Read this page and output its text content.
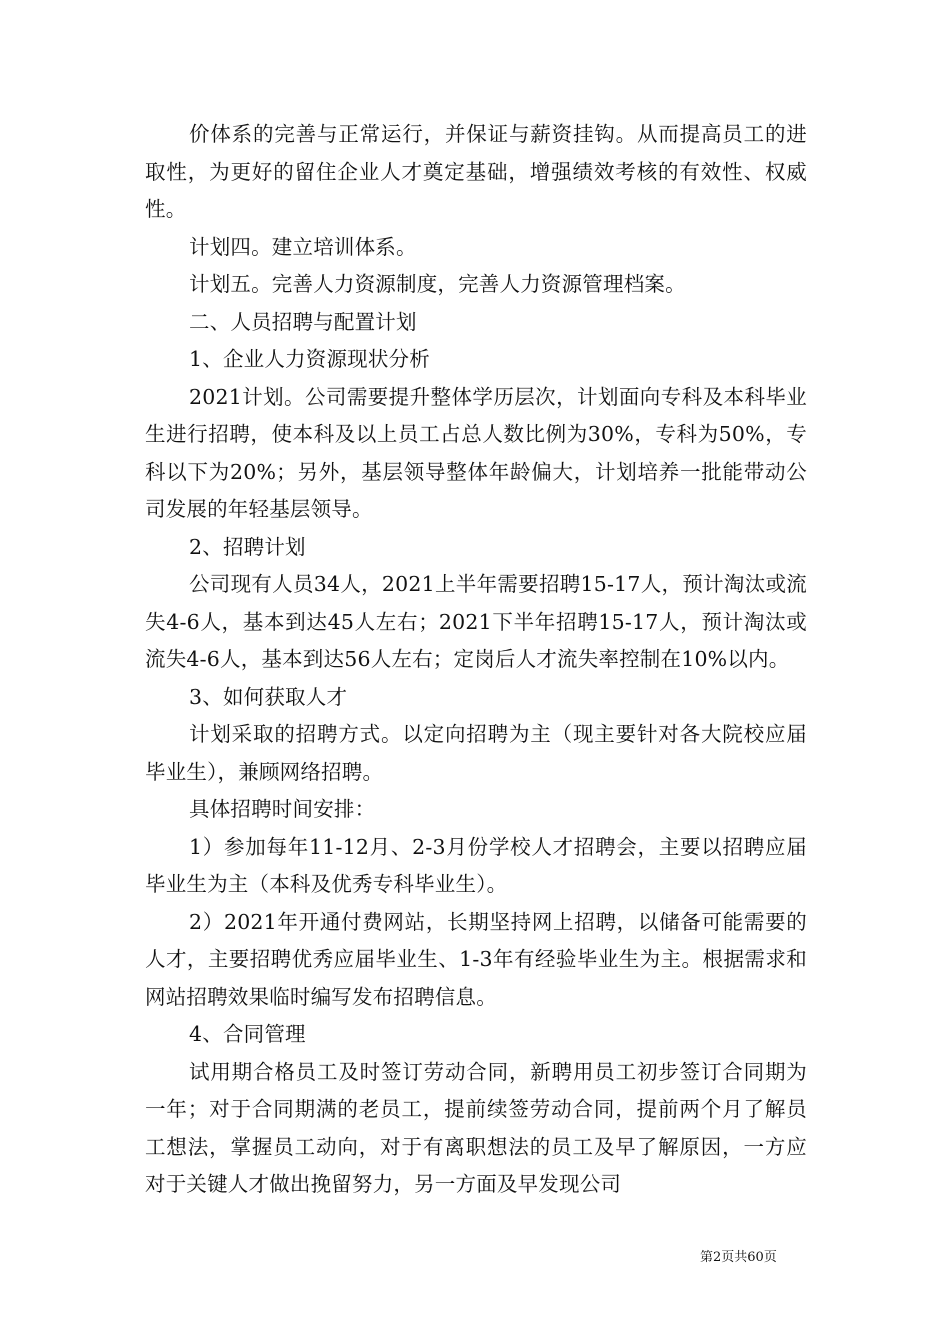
价体系的完善与正常运行，并保证与薪资挂钩。从而提高员工的进取性，为更好的留住企业人才奠定基础，增强绩效考核的有效性、权威性。

计划四。建立培训体系。

计划五。完善人力资源制度，完善人力资源管理档案。

二、人员招聘与配置计划

1、企业人力资源现状分析

2021计划。公司需要提升整体学历层次，计划面向专科及本科毕业生进行招聘，使本科及以上员工占总人数比例为30%，专科为50%，专科以下为20%；另外，基层领导整体年龄偏大，计划培养一批能带动公司发展的年轻基层领导。

2、招聘计划

公司现有人员34人，2021上半年需要招聘15-17人，预计淘汰或流失4-6人，基本到达45人左右；2021下半年招聘15-17人，预计淘汰或流失4-6人，基本到达56人左右；定岗后人才流失率控制在10%以内。

3、如何获取人才

计划采取的招聘方式。以定向招聘为主（现主要针对各大院校应届毕业生），兼顾网络招聘。

具体招聘时间安排：

1）参加每年11-12月、2-3月份学校人才招聘会，主要以招聘应届毕业生为主（本科及优秀专科毕业生）。

2）2021年开通付费网站，长期坚持网上招聘，以储备可能需要的人才，主要招聘优秀应届毕业生、1-3年有经验毕业生为主。根据需求和网站招聘效果临时编写发布招聘信息。

4、合同管理

试用期合格员工及时签订劳动合同，新聘用员工初步签订合同期为一年；对于合同期满的老员工，提前续签劳动合同，提前两个月了解员工想法，掌握员工动向，对于有离职想法的员工及早了解原因，一方应对于关键人才做出挽留努力，另一方面及早发现公司

第2页共60页
